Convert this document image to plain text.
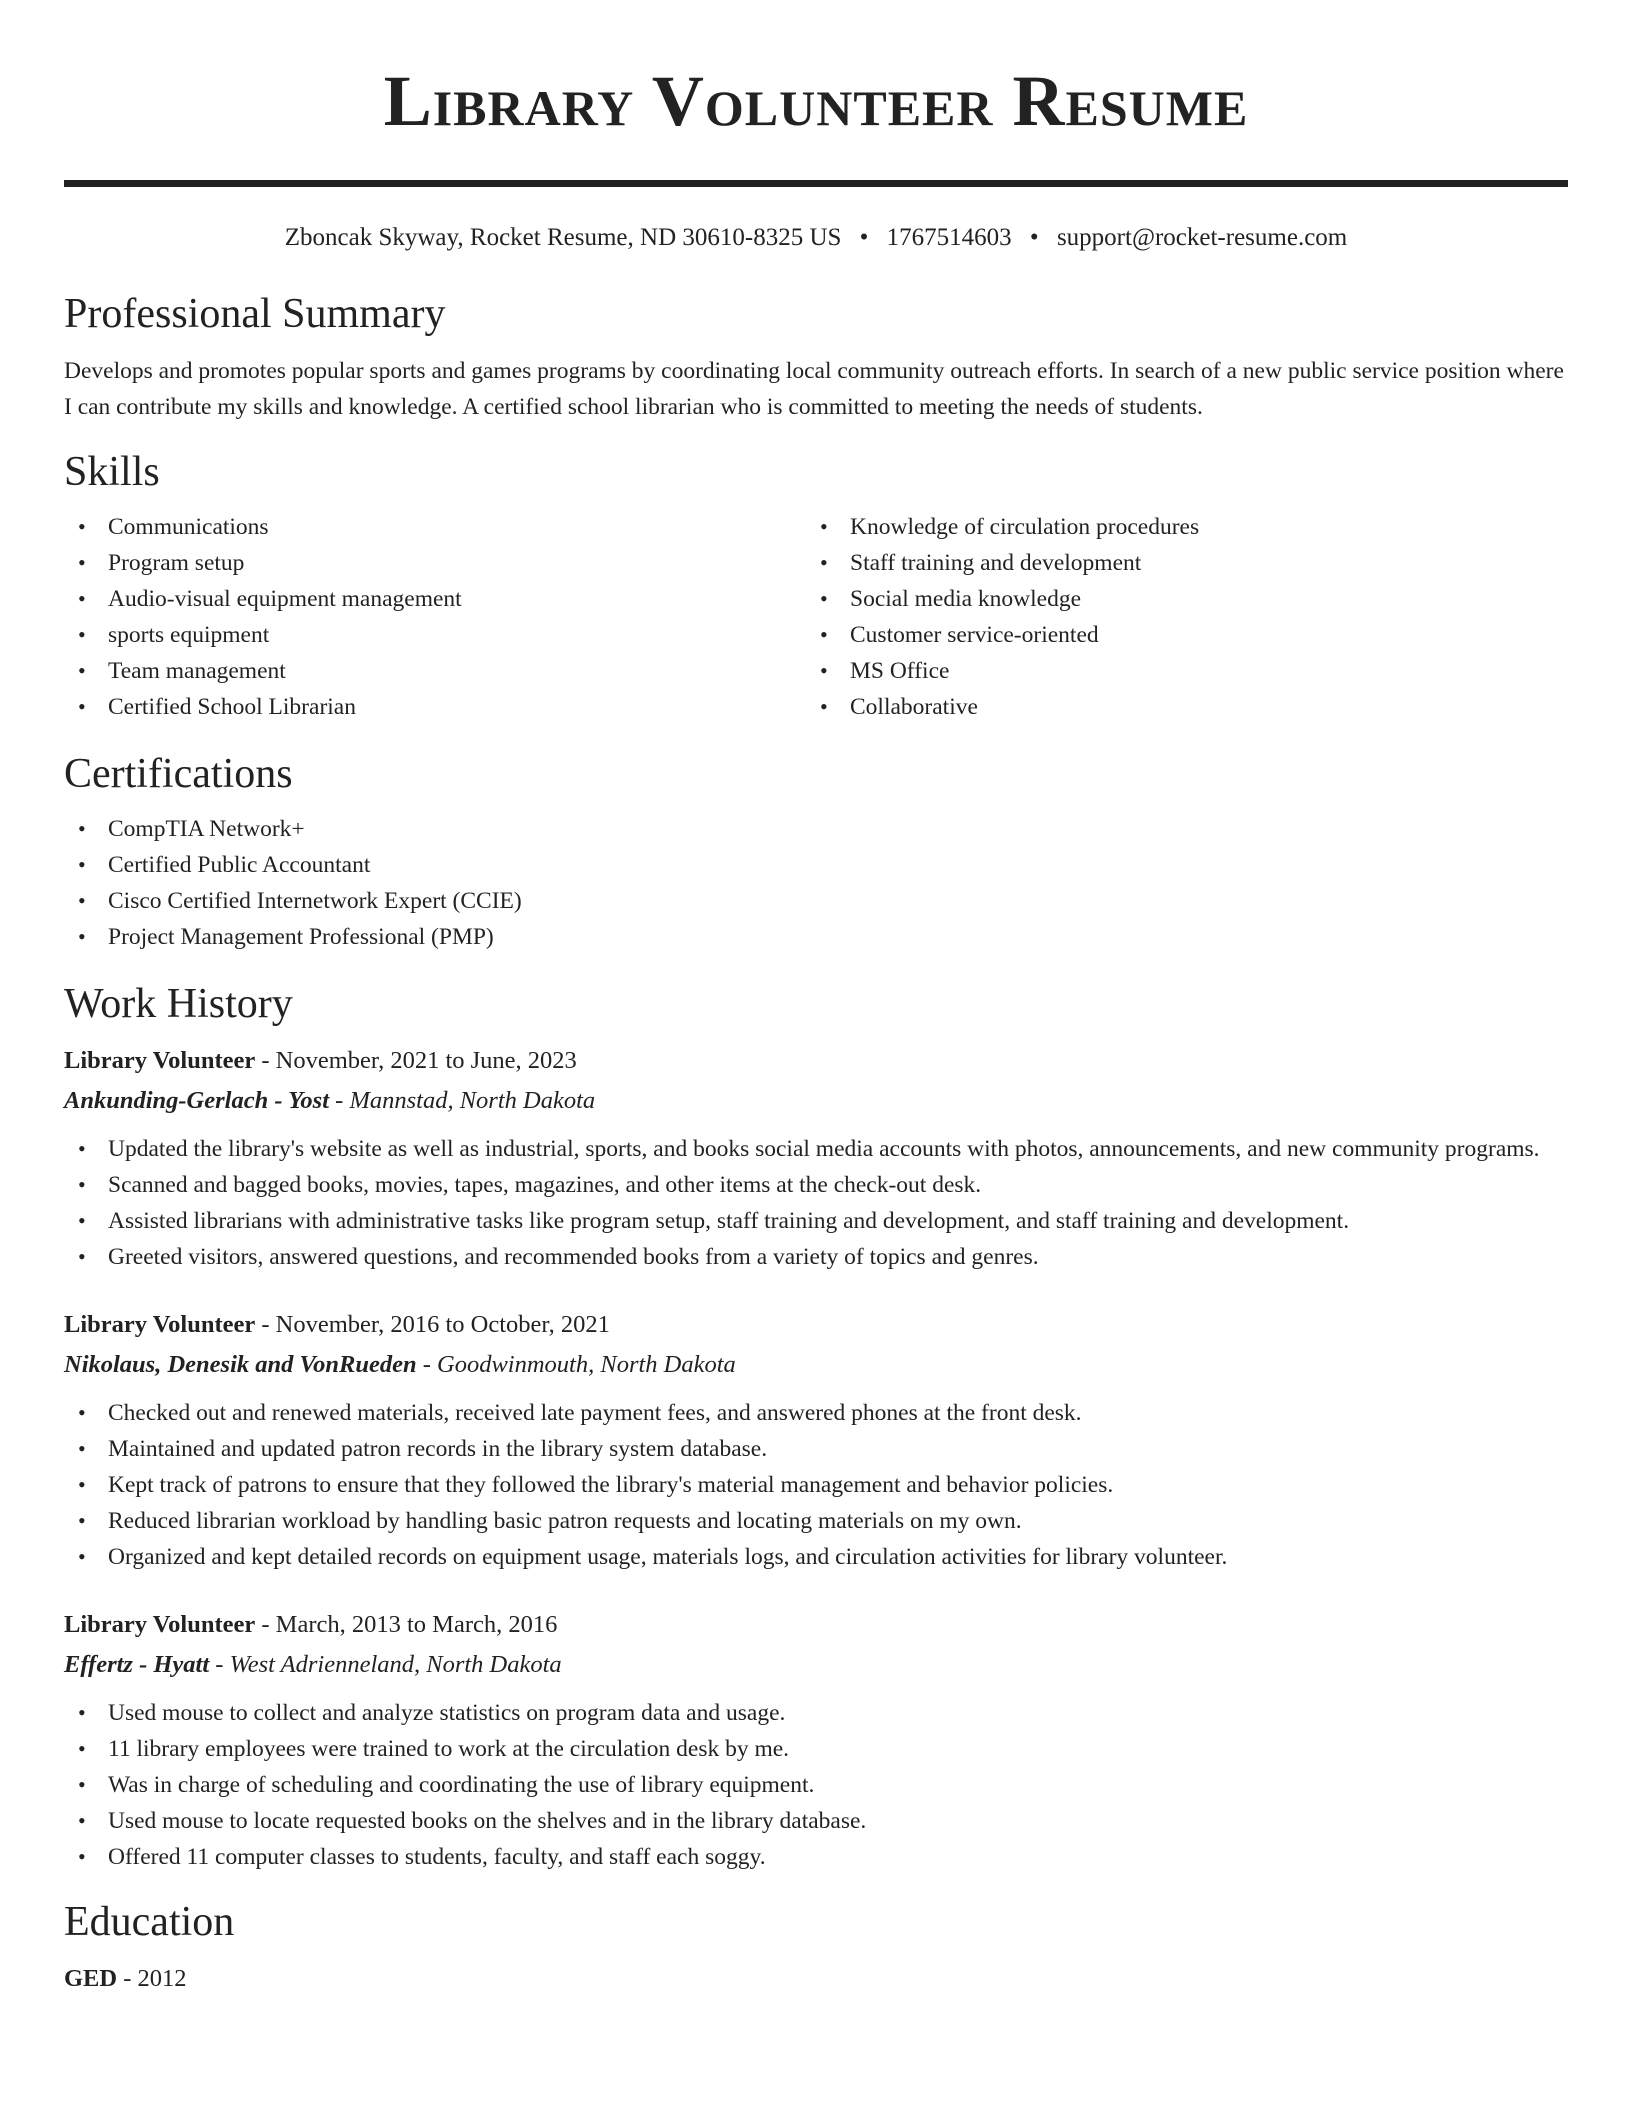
Library Volunteer Resume
Zboncak Skyway, Rocket Resume, ND 30610-8325 US • 1767514603 • support@rocket-resume.com
Professional Summary

Develops and promotes popular sports and games programs by coordinating local community outreach efforts. In search of a new public service position where I can contribute my skills and knowledge. A certified school librarian who is committed to meeting the needs of students.

Skills
• Communications
• Program setup
• Audio-visual equipment management
• sports equipment
• Team management
• Certified School Librarian
• Knowledge of circulation procedures
• Staff training and development
• Social media knowledge
• Customer service-oriented
• MS Office
• Collaborative
Certifications
• CompTIA Network+
• Certified Public Accountant
• Cisco Certified Internetwork Expert (CCIE)
• Project Management Professional (PMP)
Work History
Library Volunteer - November, 2021 to June, 2023
Ankunding-Gerlach - Yost - Mannstad, North Dakota
• Updated the library's website as well as industrial, sports, and books social media accounts with photos, announcements, and new community programs.
• Scanned and bagged books, movies, tapes, magazines, and other items at the check-out desk.
• Assisted librarians with administrative tasks like program setup, staff training and development, and staff training and development.
• Greeted visitors, answered questions, and recommended books from a variety of topics and genres.
Library Volunteer - November, 2016 to October, 2021
Nikolaus, Denesik and VonRueden - Goodwinmouth, North Dakota
• Checked out and renewed materials, received late payment fees, and answered phones at the front desk.
• Maintained and updated patron records in the library system database.
• Kept track of patrons to ensure that they followed the library's material management and behavior policies.
• Reduced librarian workload by handling basic patron requests and locating materials on my own.
• Organized and kept detailed records on equipment usage, materials logs, and circulation activities for library volunteer.
Library Volunteer - March, 2013 to March, 2016
Effertz - Hyatt - West Adrienneland, North Dakota
• Used mouse to collect and analyze statistics on program data and usage.
• 11 library employees were trained to work at the circulation desk by me.
• Was in charge of scheduling and coordinating the use of library equipment.
• Used mouse to locate requested books on the shelves and in the library database.
• Offered 11 computer classes to students, faculty, and staff each soggy.
Education
GED - 2012
